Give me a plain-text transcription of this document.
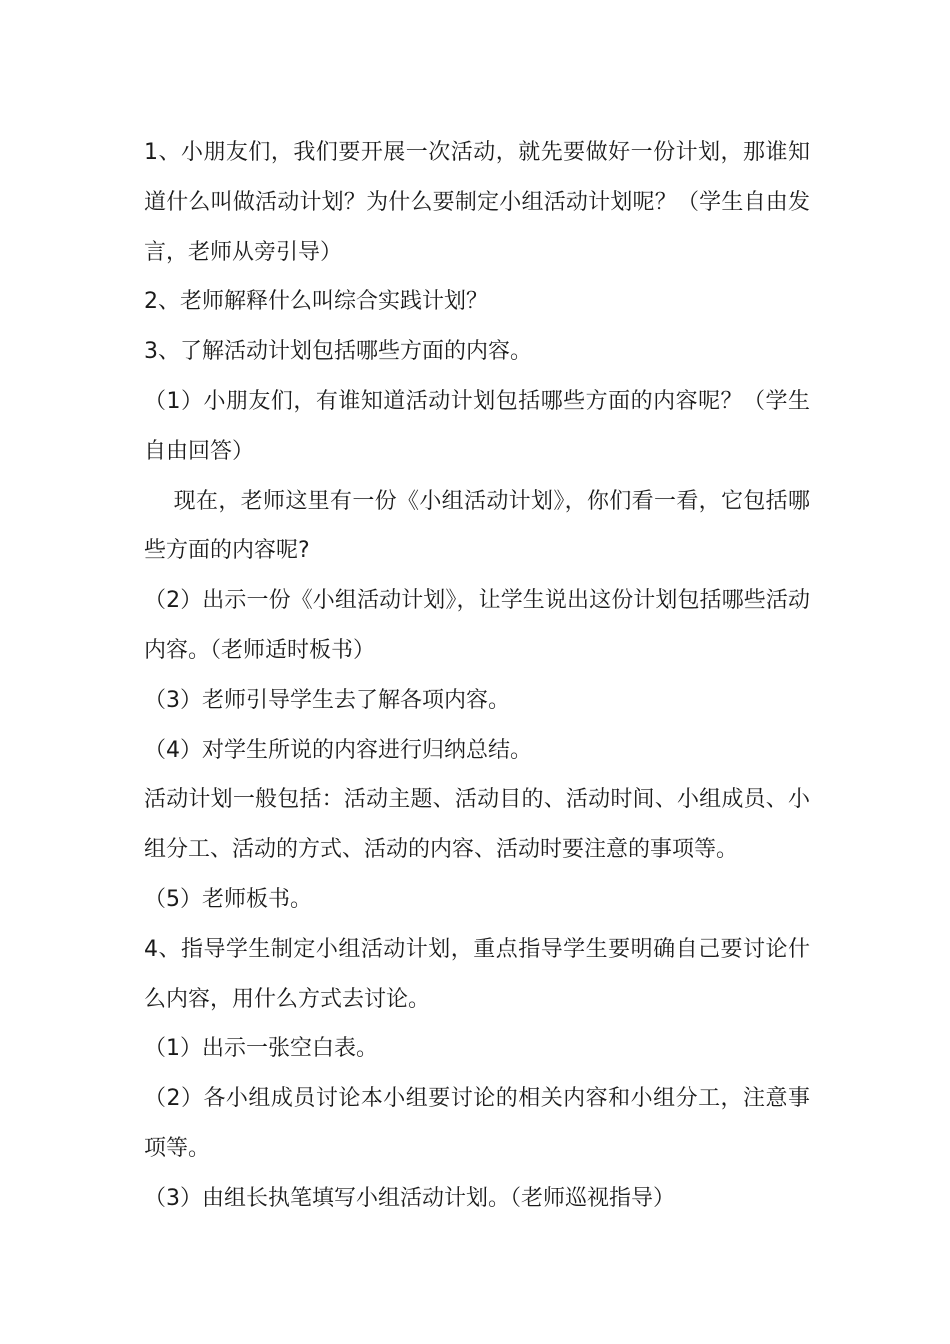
1、小朋友们，我们要开展一次活动，就先要做好一份计划，那谁知道什么叫做活动计划？为什么要制定小组活动计划呢？（学生自由发言，老师从旁引导）

2、老师解释什么叫综合实践计划？

3、了解活动计划包括哪些方面的内容。

（1）小朋友们，有谁知道活动计划包括哪些方面的内容呢？（学生自由回答）

　 现在，老师这里有一份《小组活动计划》，你们看一看，它包括哪些方面的内容呢?

（2）出示一份《小组活动计划》，让学生说出这份计划包括哪些活动内容。（老师适时板书）

（3）老师引导学生去了解各项内容。

（4）对学生所说的内容进行归纳总结。

活动计划一般包括：活动主题、活动目的、活动时间、小组成员、小组分工、活动的方式、活动的内容、活动时要注意的事项等。

（5）老师板书。

4、指导学生制定小组活动计划，重点指导学生要明确自己要讨论什么内容，用什么方式去讨论。

（1）出示一张空白表。

（2）各小组成员讨论本小组要讨论的相关内容和小组分工，注意事项等。

（3）由组长执笔填写小组活动计划。（老师巡视指导）
